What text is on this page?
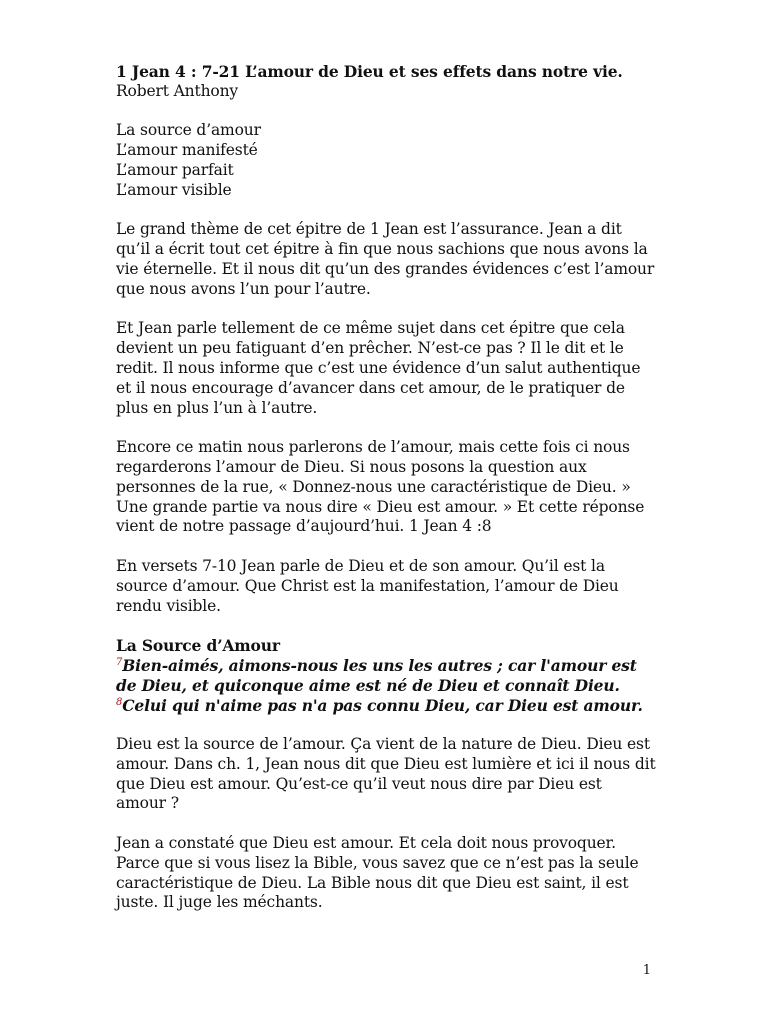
1 Jean 4 : 7-21 L’amour de Dieu et ses effets dans notre vie.

Robert Anthony

La source d’amour

L’amour manifesté

L’amour parfait

L’amour visible

Le grand thème de cet épitre de 1 Jean est l’assurance. Jean a dit qu’il a écrit tout cet épitre à fin que nous sachions que nous avons la vie éternelle. Et il nous dit qu’un des grandes évidences c’est l’amour que nous avons l’un pour l’autre.

Et Jean parle tellement de ce même sujet dans cet épitre que cela devient un peu fatiguant d’en prêcher. N’est-ce pas ? Il le dit et le redit. Il nous informe que c’est une évidence d’un salut authentique et il nous encourage d’avancer dans cet amour, de le pratiquer de plus en plus l’un à l’autre.

Encore ce matin nous parlerons de l’amour, mais cette fois ci nous regarderons l’amour de Dieu. Si nous posons la question aux personnes de la rue, « Donnez-nous une caractéristique de Dieu. » Une grande partie va nous dire « Dieu est amour. » Et cette réponse vient de notre passage d’aujourd’hui. 1 Jean 4 :8

En versets 7-10 Jean parle de Dieu et de son amour. Qu’il est la source d’amour. Que Christ est la manifestation, l’amour de Dieu rendu visible.

La Source d’Amour

$^7$Bien-aimés, aimons-nous les uns les autres ; car l'amour est de Dieu, et quiconque aime est né de Dieu et connaît Dieu. $^8$Celui qui n'aime pas n'a pas connu Dieu, car Dieu est amour.

Dieu est la source de l’amour. Ça vient de la nature de Dieu. Dieu est amour. Dans ch. 1, Jean nous dit que Dieu est lumière et ici il nous dit que Dieu est amour. Qu’est-ce qu’il veut nous dire par Dieu est amour ?

Jean a constaté que Dieu est amour. Et cela doit nous provoquer. Parce que si vous lisez la Bible, vous savez que ce n’est pas la seule caractéristique de Dieu. La Bible nous dit que Dieu est saint, il est juste. Il juge les méchants.

1
